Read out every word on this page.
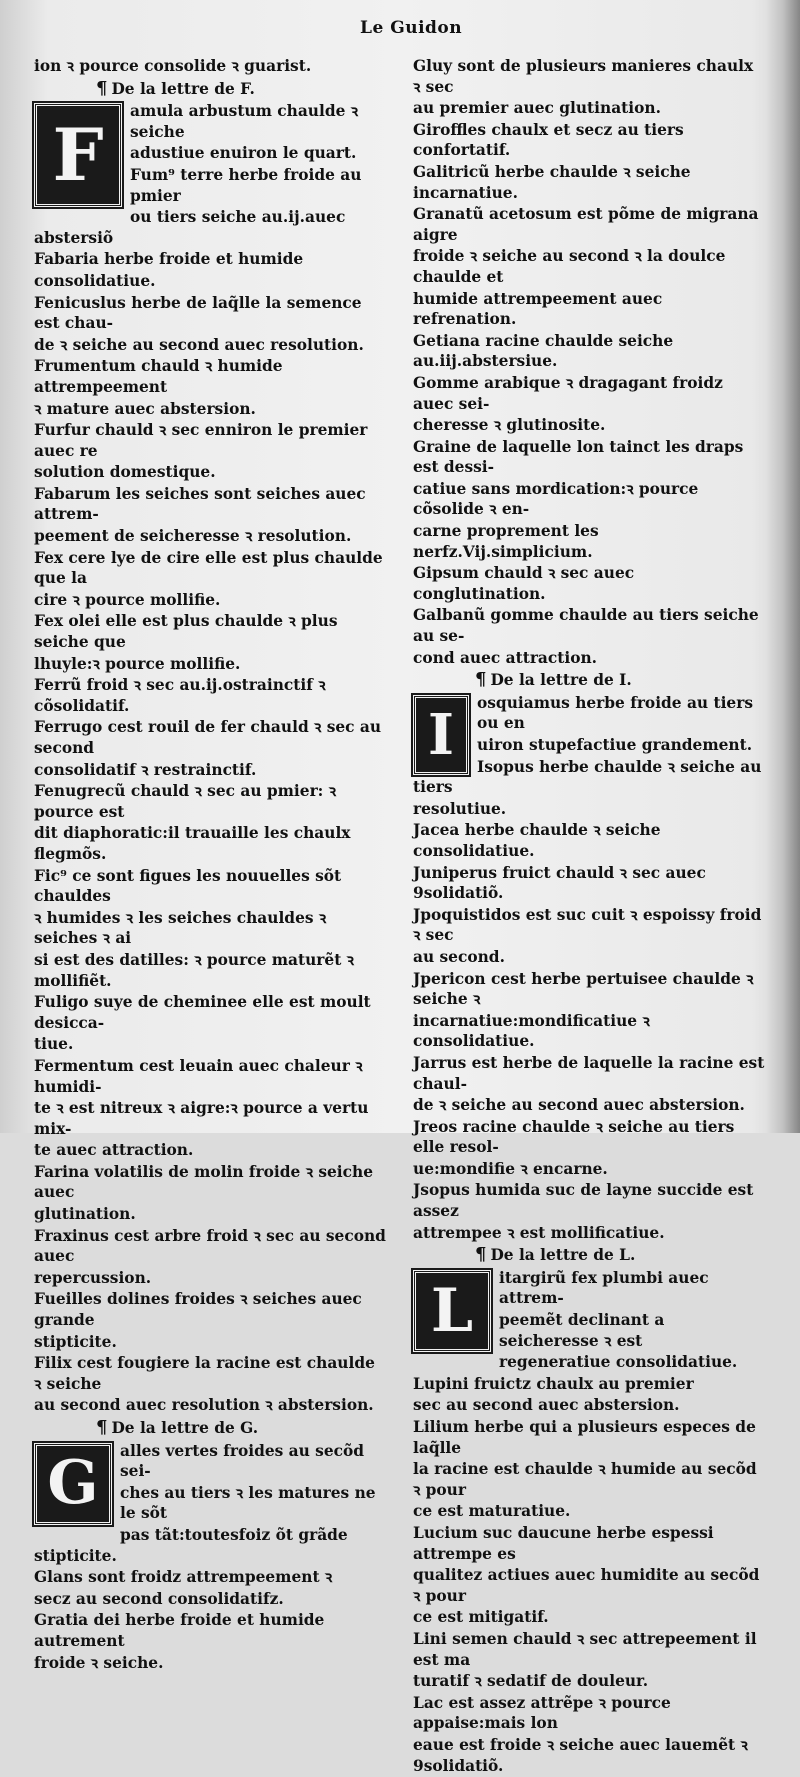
Le Guidon

ion ꝛ pource consolide ꝛ guarist.

¶ De la lettre de F.
F

amula arbustum chaulde ꝛ seiche

adustiue enuiron le quart.

Fum⁹ terre herbe froide au pmier

ou tiers seiche au.ij.auec abstersiõ

Fabaria herbe froide et humide

consolidatiue.

Fenicuslus herbe de laq̃lle la semence est chau-

de ꝛ seiche au second auec resolution.

Frumentum chauld ꝛ humide attrempeement

ꝛ mature auec abstersion.

Furfur chauld ꝛ sec enniron le premier auec re

solution domestique.

Fabarum les seiches sont seiches auec attrem-

peement de seicheresse ꝛ resolution.

Fex cere lye de cire elle est plus chaulde que la

cire ꝛ pource mollifie.

Fex olei elle est plus chaulde ꝛ plus seiche que

lhuyle:ꝛ pource mollifie.

Ferrũ froid ꝛ sec au.ij.ostrainctif ꝛ cõsolidatif.

Ferrugo cest rouil de fer chauld ꝛ sec au second

consolidatif ꝛ restrainctif.

Fenugrecũ chauld ꝛ sec au pmier: ꝛ pource est

dit diaphoratic:il trauaille les chaulx flegmõs.

Fic⁹ ce sont figues les nouuelles sõt chauldes

ꝛ humides ꝛ les seiches chauldes ꝛ seiches ꝛ ai

si est des datilles: ꝛ pource maturẽt ꝛ mollifiẽt.

Fuligo suye de cheminee elle est moult desicca-

tiue.

Fermentum cest leuain auec chaleur ꝛ humidi-

te ꝛ est nitreux ꝛ aigre:ꝛ pource a vertu mix-

te auec attraction.

Farina volatilis de molin froide ꝛ seiche auec

glutination.

Fraxinus cest arbre froid ꝛ sec au second auec

repercussion.

Fueilles dolines froides ꝛ seiches auec grande

stipticite.

Filix cest fougiere la racine est chaulde ꝛ seiche

au second auec resolution ꝛ abstersion.

¶ De la lettre de G.
G	alles vertes froides au secõd sei-

ches au tiers ꝛ les matures ne le sõt

pas tãt:toutesfoiz õt grãde stipticite.

Glans sont froidz attrempeement ꝛ

secz au second consolidatifz.

Gratia dei herbe froide et humide autrement

froide ꝛ seiche.

Gluy sont de plusieurs manieres chaulx ꝛ sec

au premier auec glutination.

Giroffles chaulx et secz au tiers confortatif.

Galitricũ herbe chaulde ꝛ seiche incarnatiue.

Granatũ acetosum est põme de migrana aigre

froide ꝛ seiche au second ꝛ la doulce chaulde et

humide attrempeement auec refrenation.

Getiana racine chaulde seiche au.iij.abstersiue.

Gomme arabique ꝛ dragagant froidz auec sei-

cheresse ꝛ glutinosite.

Graine de laquelle lon tainct les draps est dessi-

catiue sans mordication:ꝛ pource cõsolide ꝛ en-

carne proprement les nerfz.Vij.simplicium.

Gipsum chauld ꝛ sec auec conglutination.

Galbanũ gomme chaulde au tiers seiche au se-

cond auec attraction.

¶ De la lettre de I.
I	osquiamus herbe froide au tiers ou en

uiron stupefactiue grandement.

Isopus herbe chaulde ꝛ seiche au tiers

resolutiue.

Jacea herbe chaulde ꝛ seiche consolidatiue.

Juniperus fruict chauld ꝛ sec auec 9solidatiõ.

Jpoquistidos est suc cuit ꝛ espoissy froid ꝛ sec

au second.

Jpericon cest herbe pertuisee chaulde ꝛ seiche ꝛ

incarnatiue:mondificatiue ꝛ consolidatiue.

Jarrus est herbe de laquelle la racine est chaul-

de ꝛ seiche au second auec abstersion.

Jreos racine chaulde ꝛ seiche au tiers elle resol-

ue:mondifie ꝛ encarne.

Jsopus humida suc de layne succide est assez

attrempee ꝛ est mollificatiue.

¶ De la lettre de L.
L	itargirũ fex plumbi auec attrem-

peemẽt declinant a seicheresse ꝛ est

regeneratiue consolidatiue.

Lupini fruictz chaulx au premier

sec au second auec abstersion.

Lilium herbe qui a plusieurs especes de laq̃lle

la racine est chaulde ꝛ humide au secõd ꝛ pour

ce est maturatiue.

Lucium suc daucune herbe espessi attrempe es

qualitez actiues auec humidite au secõd ꝛ pour

ce est mitigatif.

Lini semen chauld ꝛ sec attrepeement il est ma

turatif ꝛ sedatif de douleur.

Lac est assez attrẽpe ꝛ pource appaise:mais lon

eaue est froide ꝛ seiche auec lauemẽt ꝛ 9solidatiõ.
